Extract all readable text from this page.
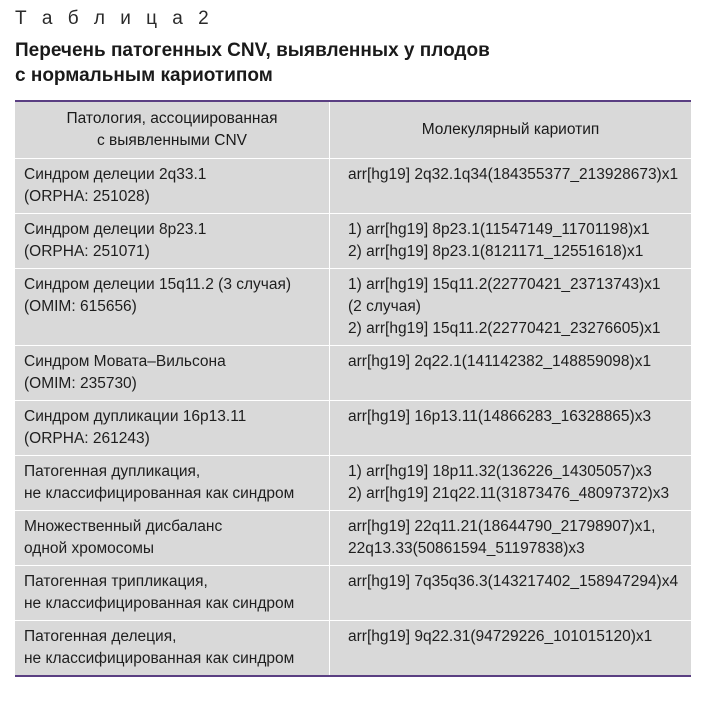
Т а б л и ц а 2
Перечень патогенных CNV, выявленных у плодов
с нормальным кариотипом
Патология, ассоциированная
с выявленными CNV
Молекулярный кариотип
Синдром делеции 2q33.1
(ORPHA: 251028)
arr[hg19] 2q32.1q34(184355377_213928673)x1
Синдром делеции 8р23.1
(ORPHA: 251071)
1) arr[hg19] 8p23.1(11547149_11701198)x1
2) arr[hg19] 8p23.1(8121171_12551618)x1
Синдром делеции 15q11.2 (3 случая)
(OMIM: 615656)
1) arr[hg19] 15q11.2(22770421_23713743)x1
(2 случая)
2) arr[hg19] 15q11.2(22770421_23276605)x1
Синдром Мовата–Вильсона
(OMIM: 235730)
arr[hg19] 2q22.1(141142382_148859098)x1
Синдром дупликации 16р13.11
(ORPHA: 261243)
arr[hg19] 16p13.11(14866283_16328865)x3
Патогенная дупликация,
не классифицированная как синдром
1) arr[hg19] 18p11.32(136226_14305057)x3
2) arr[hg19] 21q22.11(31873476_48097372)x3
Множественный дисбаланс
одной хромосомы
arr[hg19] 22q11.21(18644790_21798907)x1,
22q13.33(50861594_51197838)x3
Патогенная трипликация,
не классифицированная как синдром
arr[hg19] 7q35q36.3(143217402_158947294)x4
Патогенная делеция,
не классифицированная как синдром
arr[hg19] 9q22.31(94729226_101015120)x1
